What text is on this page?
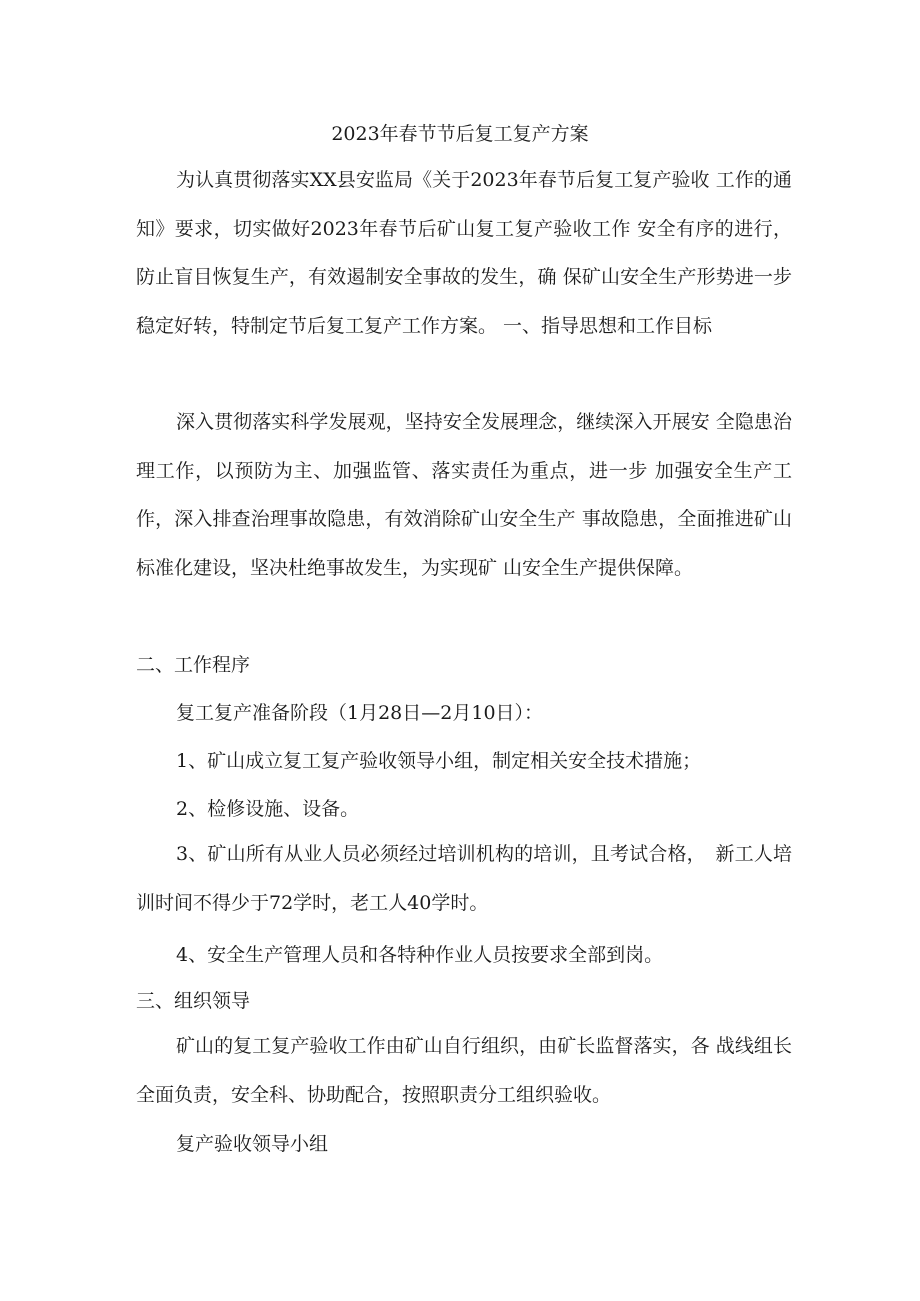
2023年春节节后复工复产方案
为认真贯彻落实XX县安监局《关于2023年春节后复工复产验收 工作的通知》要求，切实做好2023年春节后矿山复工复产验收工作 安全有序的进行，防止盲目恢复生产，有效遏制安全事故的发生，确 保矿山安全生产形势进一步稳定好转，特制定节后复工复产工作方案。 一、指导思想和工作目标
深入贯彻落实科学发展观，坚持安全发展理念，继续深入开展安 全隐患治理工作，以预防为主、加强监管、落实责任为重点，进一步 加强安全生产工作，深入排查治理事故隐患，有效消除矿山安全生产 事故隐患，全面推进矿山标准化建设，坚决杜绝事故发生，为实现矿 山安全生产提供保障。
二、工作程序
复工复产准备阶段（1月28日—2月10日）：
1、矿山成立复工复产验收领导小组，制定相关安全技术措施；
2、检修设施、设备。
3、矿山所有从业人员必须经过培训机构的培训，且考试合格，　新工人培训时间不得少于72学时，老工人40学时。
4、安全生产管理人员和各特种作业人员按要求全部到岗。
三、组织领导
矿山的复工复产验收工作由矿山自行组织，由矿长监督落实，各 战线组长全面负责，安全科、协助配合，按照职责分工组织验收。
复产验收领导小组
